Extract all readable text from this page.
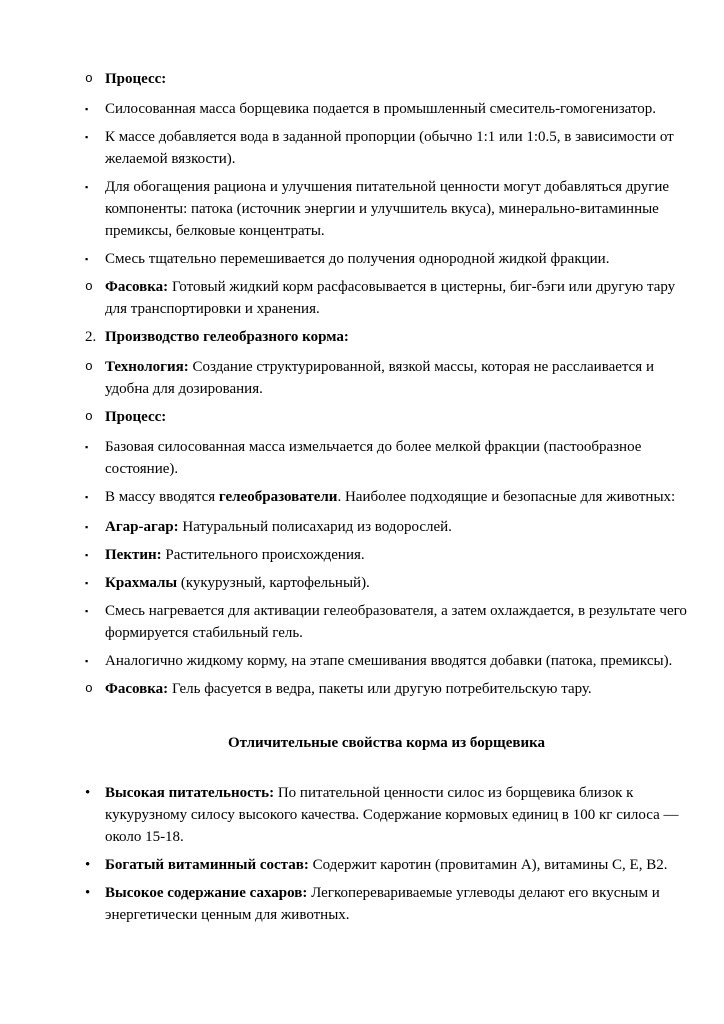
o Процесс:
▪	Силосованная масса борщевика подается в промышленный смеситель-гомогенизатор.
▪	К массе добавляется вода в заданной пропорции (обычно 1:1 или 1:0.5, в зависимости от желаемой вязкости).
▪	Для обогащения рациона и улучшения питательной ценности могут добавляться другие компоненты: патока (источник энергии и улучшитель вкуса), минерально-витаминные премиксы, белковые концентраты.
▪	Смесь тщательно перемешивается до получения однородной жидкой фракции.
o Фасовка: Готовый жидкий корм расфасовывается в цистерны, биг-бэги или другую тару для транспортировки и хранения.
2. Производство гелеобразного корма:
o Технология: Создание структурированной, вязкой массы, которая не расслаивается и удобна для дозирования.
o Процесс:
▪	Базовая силосованная масса измельчается до более мелкой фракции (пастообразное состояние).
▪	В массу вводятся гелеобразователи. Наиболее подходящие и безопасные для животных:
▪	Агар-агар: Натуральный полисахарид из водорослей.
▪	Пектин: Растительного происхождения.
▪	Крахмалы (кукурузный, картофельный).
▪	Смесь нагревается для активации гелеобразователя, а затем охлаждается, в результате чего формируется стабильный гель.
▪	Аналогично жидкому корму, на этапе смешивания вводятся добавки (патока, премиксы).
o Фасовка: Гель фасуется в ведра, пакеты или другую потребительскую тару.
Отличительные свойства корма из борщевика
• Высокая питательность: По питательной ценности силос из борщевика близок к кукурузному силосу высокого качества. Содержание кормовых единиц в 100 кг силоса — около 15-18.
• Богатый витаминный состав: Содержит каротин (провитамин А), витамины C, E, B2.
• Высокое содержание сахаров: Легкоперевариваемые углеводы делают его вкусным и энергетически ценным для животных.
